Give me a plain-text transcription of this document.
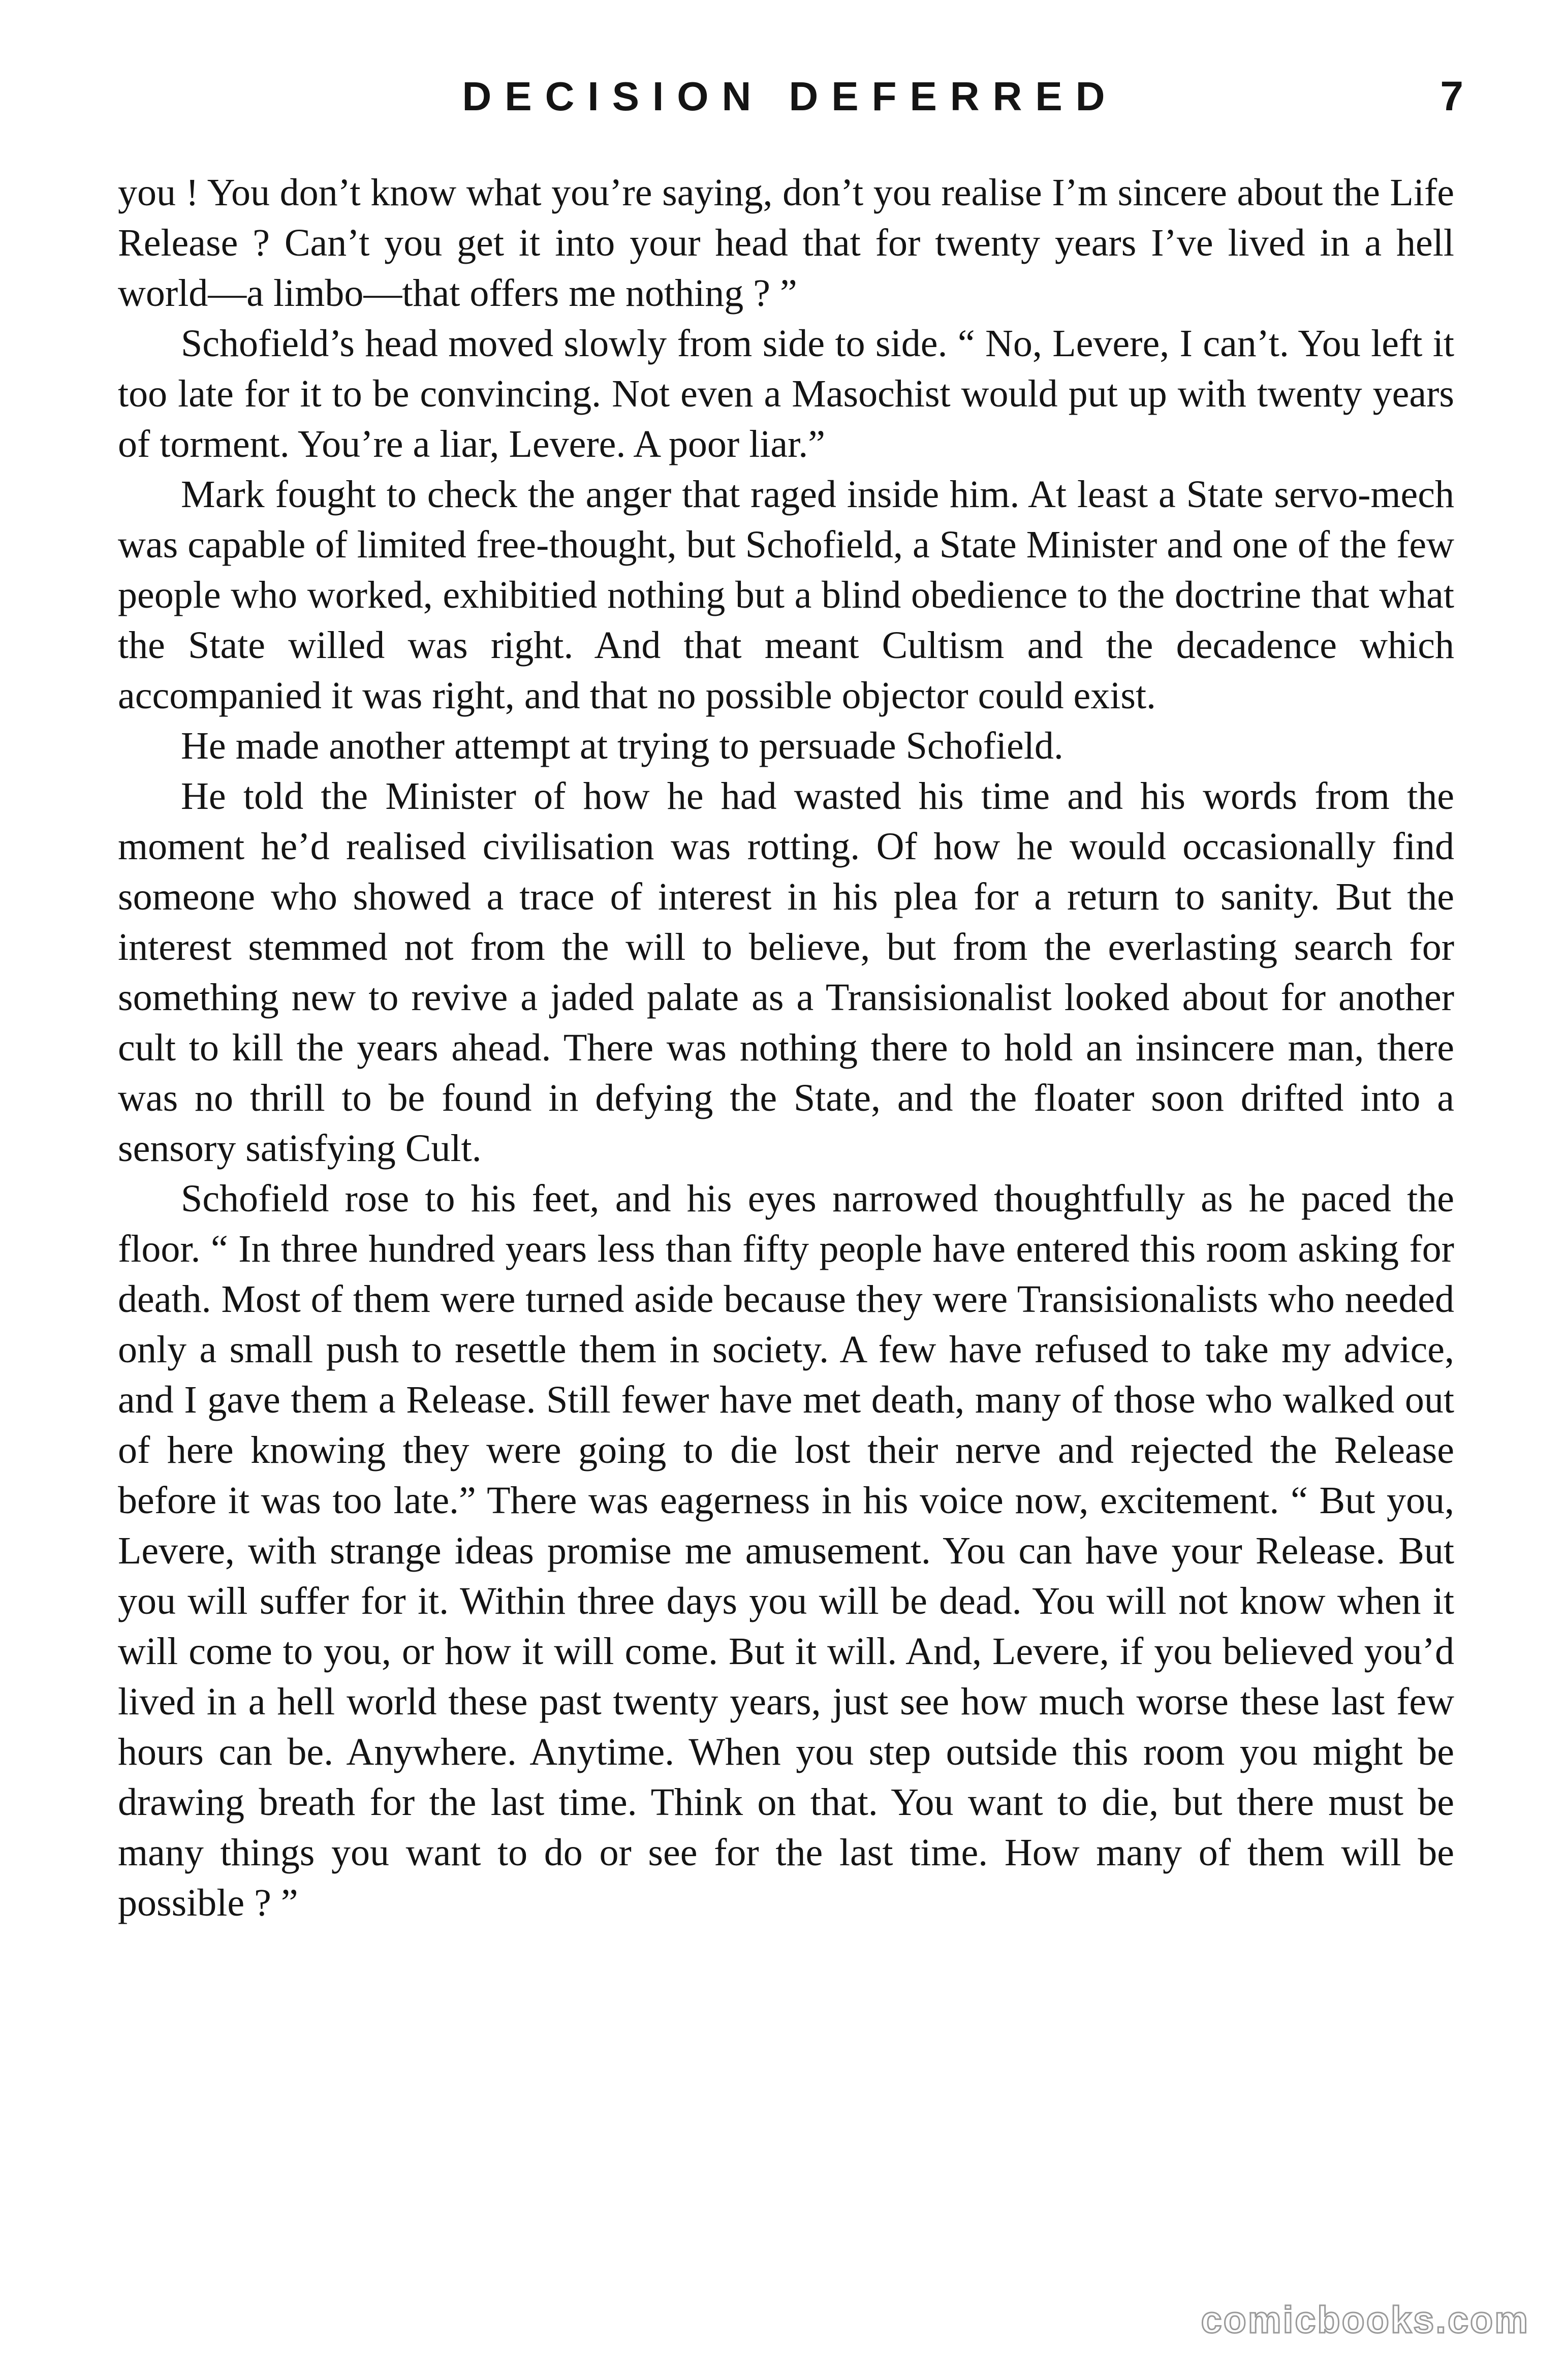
DECISION DEFERRED	7

you ! You don’t know what you’re saying, don’t you realise I’m sincere about the Life Release ? Can’t you get it into your head that for twenty years I’ve lived in a hell world—a limbo—that offers me nothing ? ”

Schofield’s head moved slowly from side to side. “ No, Levere, I can’t. You left it too late for it to be convincing. Not even a Masochist would put up with twenty years of torment. You’re a liar, Levere. A poor liar.”

Mark fought to check the anger that raged inside him. At least a State servo-mech was capable of limited free-thought, but Schofield, a State Minister and one of the few people who worked, exhibitied nothing but a blind obedience to the doctrine that what the State willed was right. And that meant Cultism and the decadence which accompanied it was right, and that no possible objector could exist.

He made another attempt at trying to persuade Schofield.

He told the Minister of how he had wasted his time and his words from the moment he’d realised civilisation was rotting. Of how he would occasionally find someone who showed a trace of interest in his plea for a return to sanity. But the interest stemmed not from the will to believe, but from the everlasting search for something new to revive a jaded palate as a Transisionalist looked about for another cult to kill the years ahead. There was nothing there to hold an insincere man, there was no thrill to be found in defying the State, and the floater soon drifted into a sensory satisfying Cult.

Schofield rose to his feet, and his eyes narrowed thoughtfully as he paced the floor. “ In three hundred years less than fifty people have entered this room asking for death. Most of them were turned aside because they were Transisionalists who needed only a small push to resettle them in society. A few have refused to take my advice, and I gave them a Release. Still fewer have met death, many of those who walked out of here knowing they were going to die lost their nerve and rejected the Release before it was too late.” There was eagerness in his voice now, excitement. “ But you, Levere, with strange ideas promise me amusement. You can have your Release. But you will suffer for it. Within three days you will be dead. You will not know when it will come to you, or how it will come. But it will. And, Levere, if you believed you’d lived in a hell world these past twenty years, just see how much worse these last few hours can be. Anywhere. Anytime. When you step outside this room you might be drawing breath for the last time. Think on that. You want to die, but there must be many things you want to do or see for the last time. How many of them will be possible ? ”

comicbooks.com
